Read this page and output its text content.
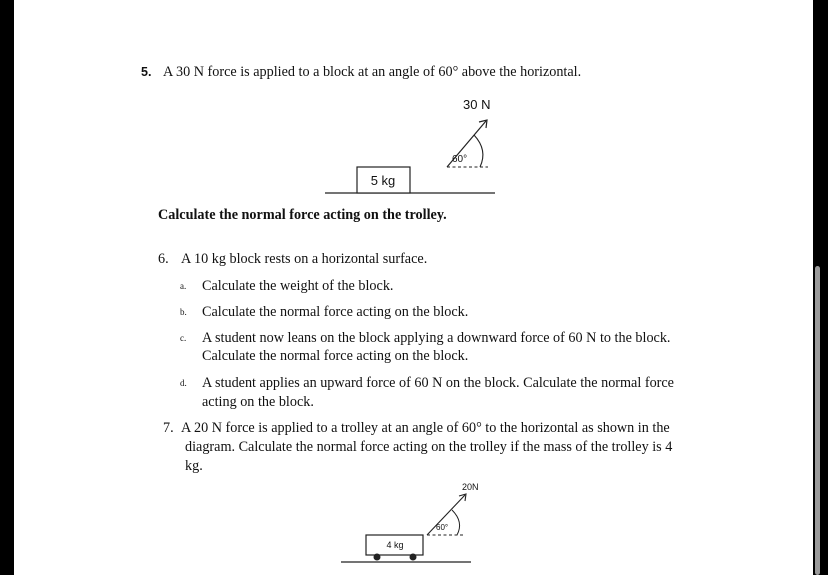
5. A 30 N force is applied to a block at an angle of 60° above the horizontal.
30 N
60°
5 kg
Calculate the normal force acting on the trolley.
6. A 10 kg block rests on a horizontal surface.
a. Calculate the weight of the block.
b. Calculate the normal force acting on the block.
c. A student now leans on the block applying a downward force of 60 N to the block.
Calculate the normal force acting on the block.
d. A student applies an upward force of 60 N on the block. Calculate the normal force
acting on the block.
7. A 20 N force is applied to a trolley at an angle of 60° to the horizontal as shown in the
diagram. Calculate the normal force acting on the trolley if the mass of the trolley is 4
kg.
20N
60°
4 kg
